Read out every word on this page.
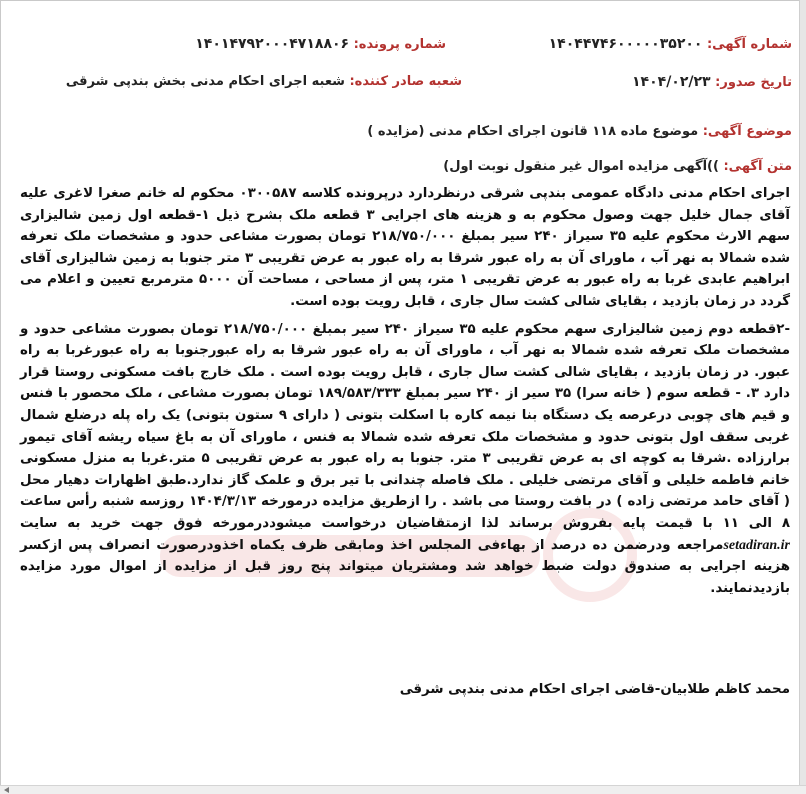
شماره آگهی: ۱۴۰۴۴۷۴۶۰۰۰۰۰۳۵۲۰۰
شماره پرونده: ۱۴۰۱۴۷۹۲۰۰۰۴۷۱۸۸۰۶
تاریخ صدور: ۱۴۰۴/۰۲/۲۳
شعبه صادر کننده: شعبه اجرای احکام مدنی بخش بندپی شرقی
موضوع آگهی: موضوع ماده ۱۱۸ قانون اجرای احکام مدنی (مزایده )
متن آگهی: ))آگهی مزایده اموال غیر منقول نوبت اول)

اجرای احکام مدنی دادگاه عمومی بندپی شرقی درنظردارد درپرونده کلاسه ۰۳۰۰۵۸۷ محکوم له خانم صغرا لاغری علیه آقای جمال خلیل جهت وصول محکوم به و هزینه های اجرایی ۳ قطعه ملک بشرح ذیل ۱-قطعه اول زمین شالیزاری سهم الارث محکوم علیه ۳۵ سیراز ۲۴۰ سیر بمبلغ ۲۱۸/۷۵۰/۰۰۰ تومان بصورت مشاعی حدود و مشخصات ملک تعرفه شده شمالا به نهر آب ، ماورای آن به راه عبور شرقا به راه عبور به عرض تقریبی ۳ متر جنوبا به زمین شالیزاری آقای ابراهیم عابدی غربا به راه عبور به عرض تقریبی ۱ متر، پس از مساحی ، مساحت آن ۵۰۰۰ مترمربع تعیین و اعلام می گردد در زمان بازدید ، بقایای شالی کشت سال جاری ، قابل رویت بوده است.

-۲قطعه دوم زمین شالیزاری سهم محکوم علیه ۳۵ سیراز ۲۴۰ سیر بمبلغ ۲۱۸/۷۵۰/۰۰۰ تومان بصورت مشاعی حدود و مشخصات ملک تعرفه شده شمالا به نهر آب ، ماورای آن به راه عبور شرقا به راه عبورجنوبا به راه عبورغربا به راه عبور. در زمان بازدید ، بقایای شالی کشت سال جاری ، قابل رویت بوده است . ملک خارج بافت مسکونی روستا قرار دارد ۳. - قطعه سوم ( خانه سرا) ۳۵ سیر از ۲۴۰ سیر بمبلغ ۱۸۹/۵۸۳/۳۳۳ تومان بصورت مشاعی ، ملک محصور با فنس و قیم های چوبی درعرصه یک دستگاه بنا نیمه کاره با اسکلت بتونی ( دارای ۹ ستون بتونی) یک راه پله درضلع شمال غربی سقف اول بتونی حدود و مشخصات ملک تعرفه شده شمالا به فنس ، ماورای آن به باغ سیاه ریشه آقای تیمور برارزاده .شرقا به کوچه ای به عرض تقریبی ۳ متر. جنوبا به راه عبور به عرض تقریبی ۵ متر.غربا به منزل مسکونی خانم فاطمه خلیلی و آقای مرتضی خلیلی . ملک فاصله چندانی با تیر برق و علمک گاز ندارد.طبق اظهارات دهیار محل ( آقای حامد مرتضی زاده ) در بافت روستا می باشد . را ازطریق مزایده درمورخه ۱۴۰۴/۳/۱۳ روزسه شنبه رأس ساعت ۸ الی ۱۱ با قیمت پایه بفروش برساند لذا ازمتقاضیان درخواست میشوددرمورخه فوق جهت خرید به سایت setadiran.irمراجعه ودرضمن ده درصد از بهاءفی المجلس اخذ ومابقی ظرف یکماه اخذودرصورت انصراف پس ازکسر هزینه اجرایی به صندوق دولت ضبط خواهد شد ومشتریان میتواند پنج روز قبل از مزایده از اموال مورد مزایده بازدیدنمایند.

محمد کاظم طلابیان-قاضی اجرای احکام مدنی بندپی شرقی
